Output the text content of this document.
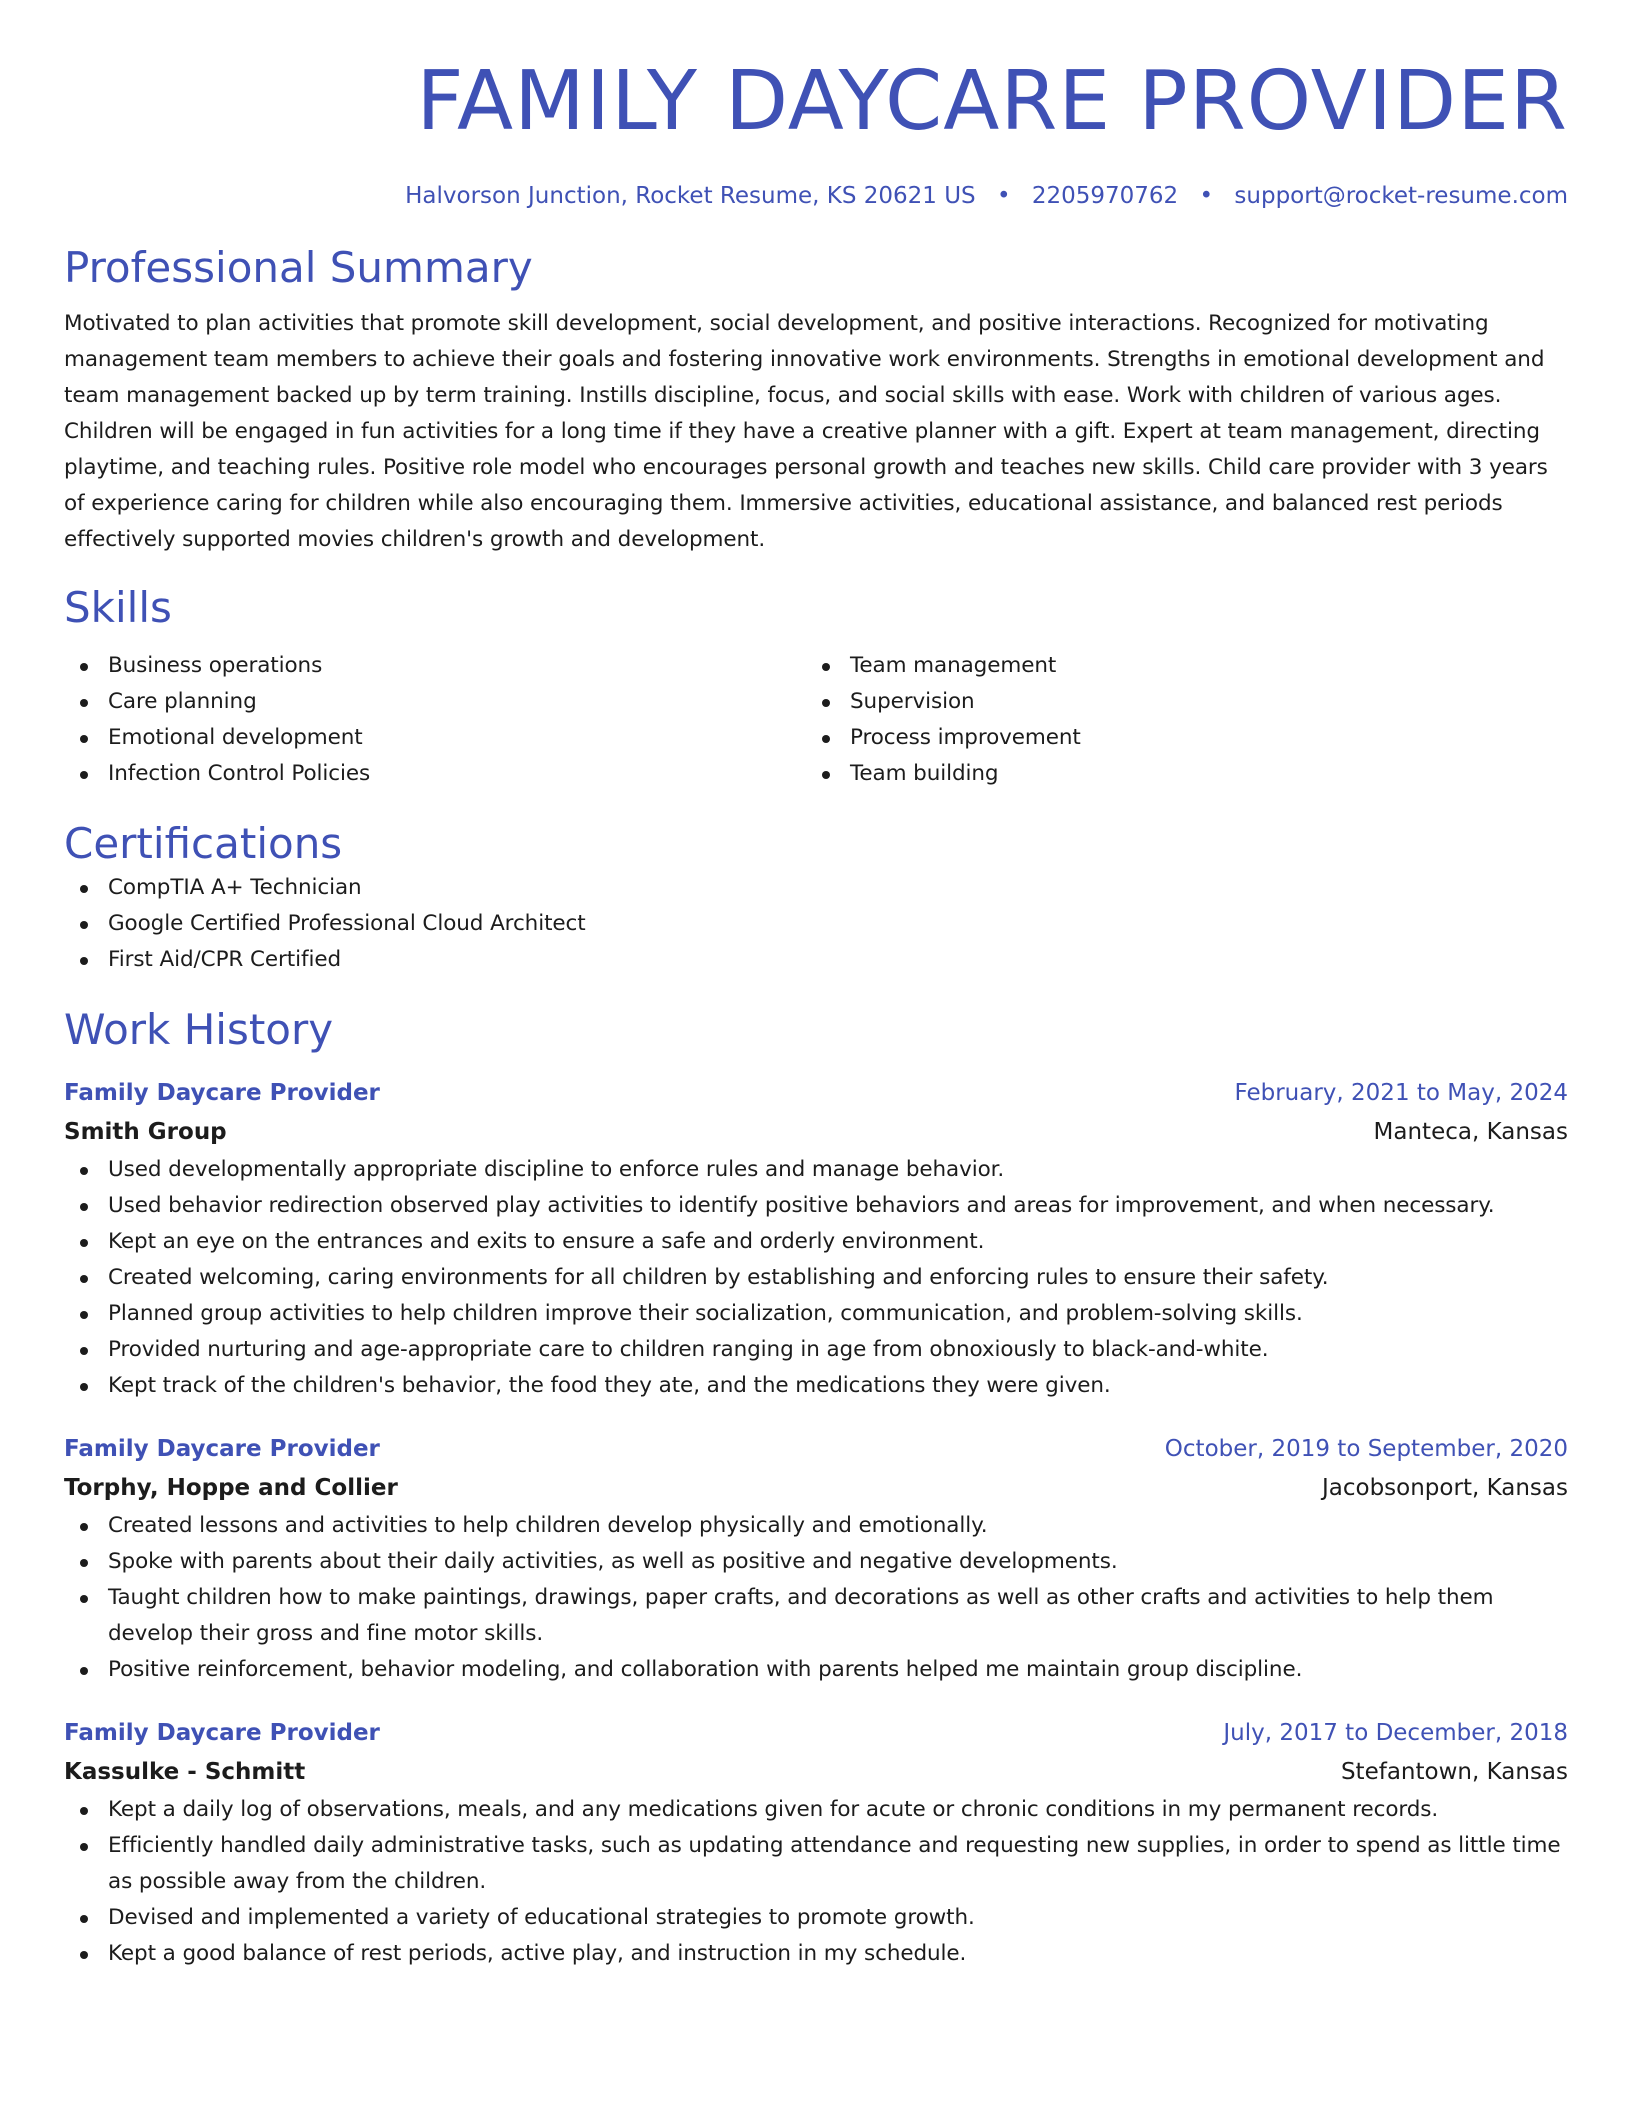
FAMILY DAYCARE PROVIDER
Halvorson Junction, Rocket Resume, KS 20621 US • 2205970762 • support@rocket-resume.com
Professional Summary
Motivated to plan activities that promote skill development, social development, and positive interactions. Recognized for motivating management team members to achieve their goals and fostering innovative work environments. Strengths in emotional development and team management backed up by term training. Instills discipline, focus, and social skills with ease. Work with children of various ages. Children will be engaged in fun activities for a long time if they have a creative planner with a gift. Expert at team management, directing playtime, and teaching rules. Positive role model who encourages personal growth and teaches new skills. Child care provider with 3 years of experience caring for children while also encouraging them. Immersive activities, educational assistance, and balanced rest periods effectively supported movies children's growth and development.
Skills
Business operations
Care planning
Emotional development
Infection Control Policies
Team management
Supervision
Process improvement
Team building
Certifications
CompTIA A+ Technician
Google Certified Professional Cloud Architect
First Aid/CPR Certified
Work History
Family Daycare Provider	February, 2021 to May, 2024
Smith Group	Manteca, Kansas
Used developmentally appropriate discipline to enforce rules and manage behavior.
Used behavior redirection observed play activities to identify positive behaviors and areas for improvement, and when necessary.
Kept an eye on the entrances and exits to ensure a safe and orderly environment.
Created welcoming, caring environments for all children by establishing and enforcing rules to ensure their safety.
Planned group activities to help children improve their socialization, communication, and problem-solving skills.
Provided nurturing and age-appropriate care to children ranging in age from obnoxiously to black-and-white.
Kept track of the children's behavior, the food they ate, and the medications they were given.
Family Daycare Provider	October, 2019 to September, 2020
Torphy, Hoppe and Collier	Jacobsonport, Kansas
Created lessons and activities to help children develop physically and emotionally.
Spoke with parents about their daily activities, as well as positive and negative developments.
Taught children how to make paintings, drawings, paper crafts, and decorations as well as other crafts and activities to help them develop their gross and fine motor skills.
Positive reinforcement, behavior modeling, and collaboration with parents helped me maintain group discipline.
Family Daycare Provider	July, 2017 to December, 2018
Kassulke - Schmitt	Stefantown, Kansas
Kept a daily log of observations, meals, and any medications given for acute or chronic conditions in my permanent records.
Efficiently handled daily administrative tasks, such as updating attendance and requesting new supplies, in order to spend as little time as possible away from the children.
Devised and implemented a variety of educational strategies to promote growth.
Kept a good balance of rest periods, active play, and instruction in my schedule.
